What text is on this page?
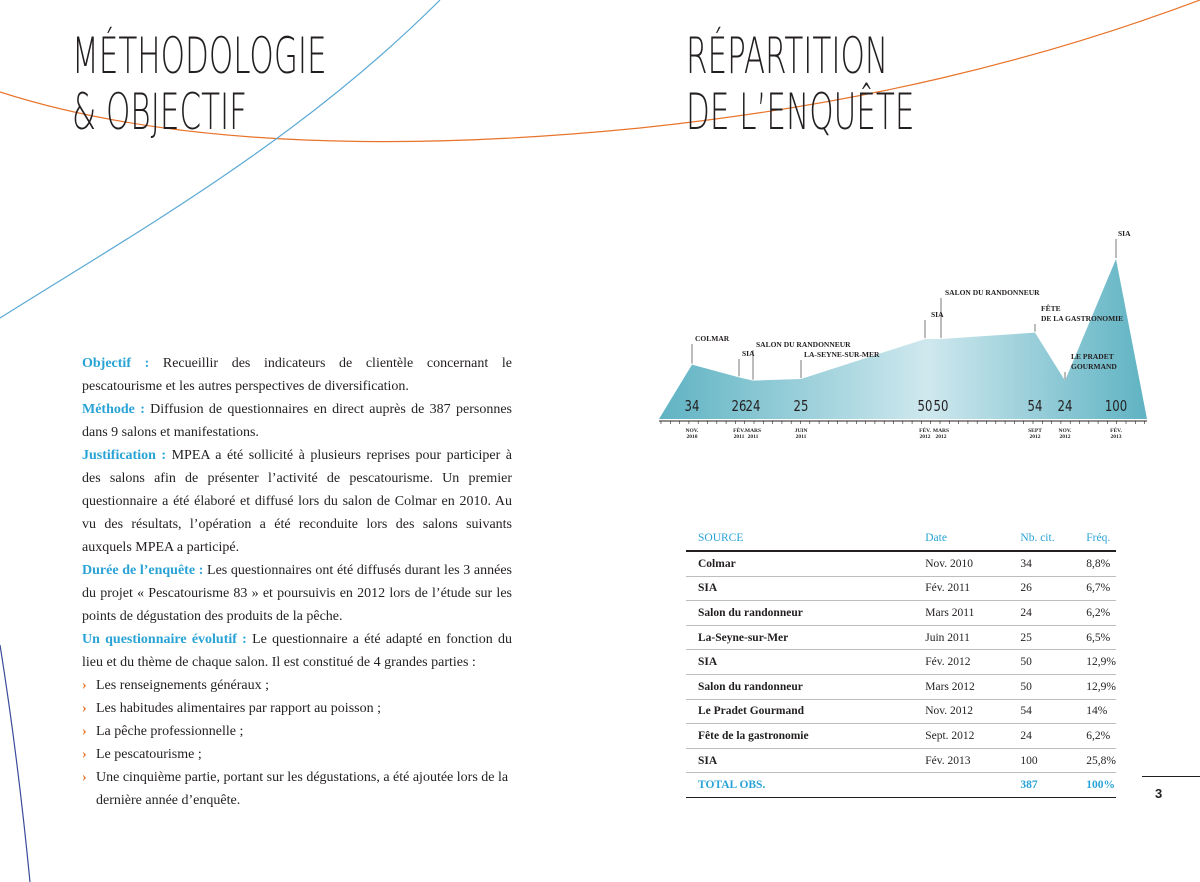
MÉTHODOLOGIE
& OBJECTIF
RÉPARTITION
DE L’ENQUÊTE

Objectif : Recueillir des indicateurs de clientèle concernant le pescatourisme et les autres perspectives de diversification.

Méthode : Diffusion de questionnaires en direct auprès de 387 personnes dans 9 salons et manifestations.

Justification : MPEA a été sollicité à plusieurs reprises pour participer à des salons afin de présenter l’activité de pescatourisme. Un premier questionnaire a été élaboré et diffusé lors du salon de Colmar en 2010. Au vu des résultats, l’opération a été reconduite lors des salons suivants auxquels MPEA a participé.

Durée de l’enquête : Les questionnaires ont été diffusés durant les 3 années du projet « Pescatourisme 83 » et poursuivis en 2012 lors de l’étude sur les points de dégustation des produits de la pêche.

Un questionnaire évolutif : Le questionnaire a été adapté en fonction du lieu et du thème de chaque salon. Il est constitué de 4 grandes parties :

› Les renseignements généraux ;
› Les habitudes alimentaires par rapport au poisson ;
› La pêche professionnelle ;
› Le pescatourisme ;
› Une cinquième partie, portant sur les dégustations, a été ajoutée lors de la dernière année d’enquête.
34
NOV.
2010
COLMAR
26
FÉV.
2011
SIA
24
MARS
2011
SALON DU RANDONNEUR
25
JUIN
2011
LA-SEYNE-SUR-MER
50
FÉV.
2012
SIA
50
MARS
2012
SALON DU RANDONNEUR
54
SEPT
2012
FÊTE
DE LA GASTRONOMIE
24
NOV.
2012
LE PRADET
GOURMAND
100
FÉV.
2013
SIA
SOURCE	Date	Nb. cit.	Fréq.
Colmar	Nov. 2010	34	8,8%
SIA	Fév. 2011	26	6,7%
Salon du randonneur	Mars 2011	24	6,2%
La-Seyne-sur-Mer	Juin 2011	25	6,5%
SIA	Fév. 2012	50	12,9%
Salon du randonneur	Mars 2012	50	12,9%
Le Pradet Gourmand	Nov. 2012	54	14%
Fête de la gastronomie	Sept. 2012	24	6,2%
SIA	Fév. 2013	100	25,8%
TOTAL OBS.		387	100%
3
